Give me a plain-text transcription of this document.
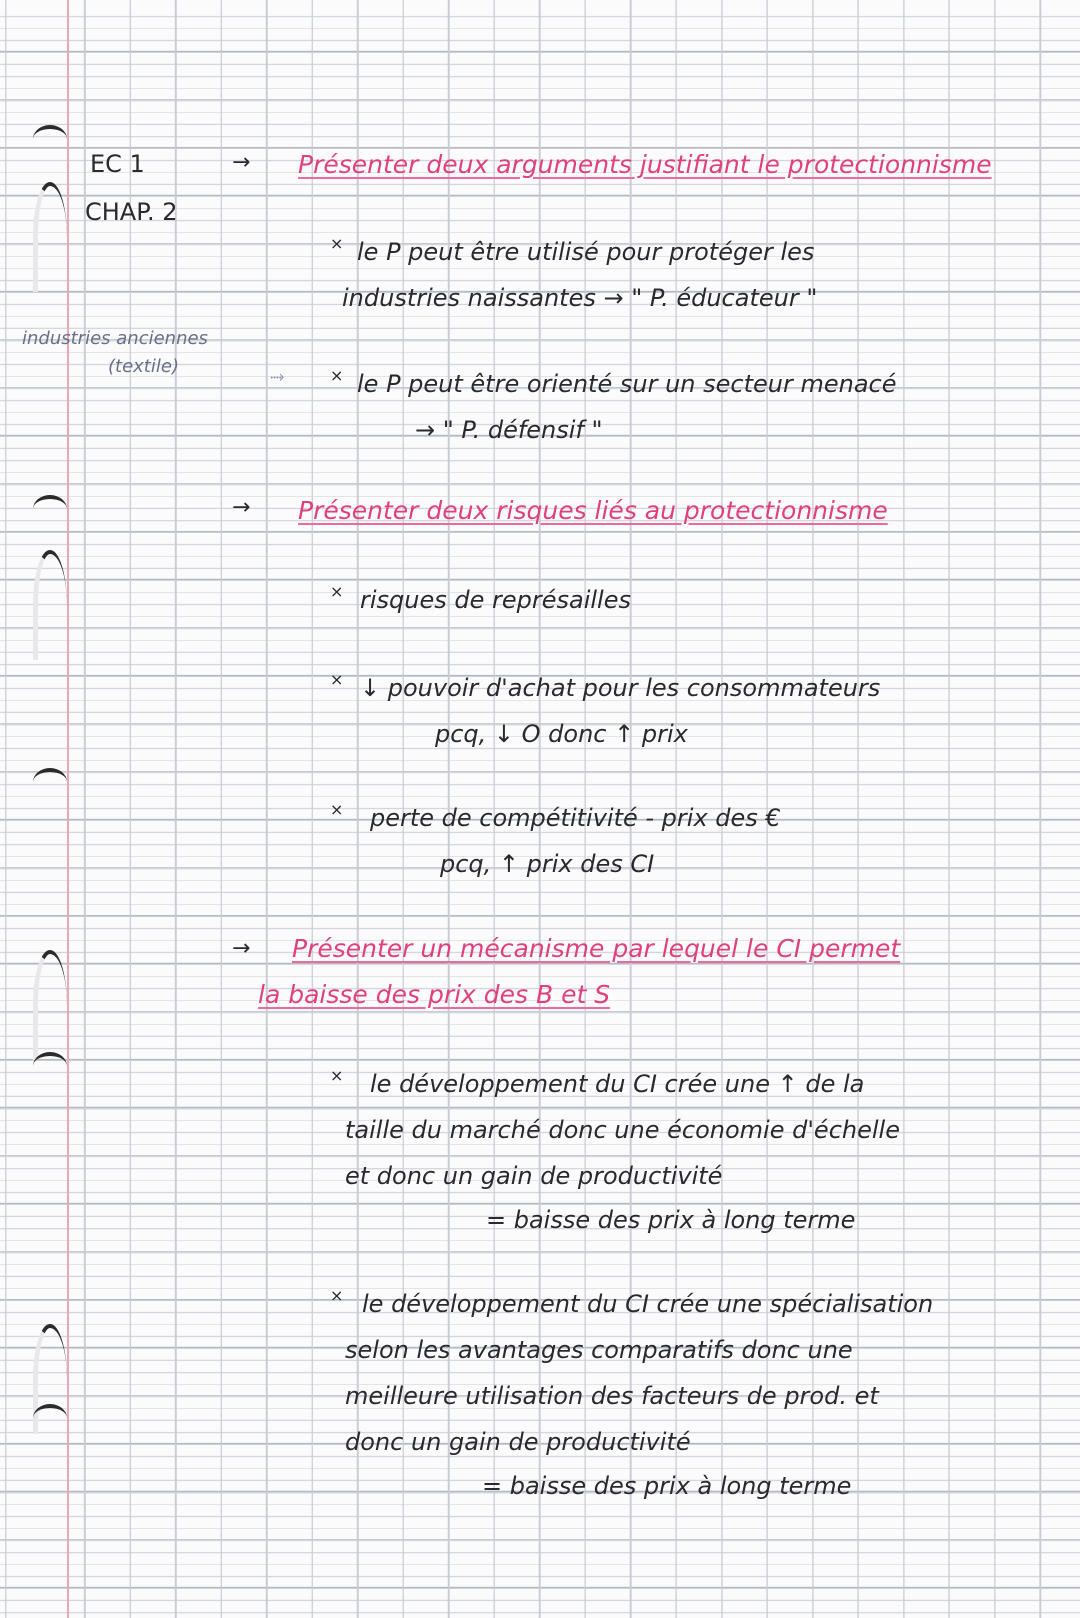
EC 1
CHAP. 2
industries anciennes
(textile)	⤑
→ Présenter deux arguments justifiant le protectionnisme
× le P peut être utilisé pour protéger les
industries naissantes → " P. éducateur "
× le P peut être orienté sur un secteur menacé
→ " P. défensif "
→ Présenter deux risques liés au protectionnisme
× risques de représailles
× ↓ pouvoir d'achat pour les consommateurs
pcq, ↓ O donc ↑ prix
× perte de compétitivité - prix des €
pcq, ↑ prix des CI
→ Présenter un mécanisme par lequel le CI permet
la baisse des prix des B et S
× le développement du CI crée une ↑ de la
taille du marché donc une économie d'échelle
et donc un gain de productivité
= baisse des prix à long terme
× le développement du CI crée une spécialisation
selon les avantages comparatifs donc une
meilleure utilisation des facteurs de prod. et
donc un gain de productivité
= baisse des prix à long terme
